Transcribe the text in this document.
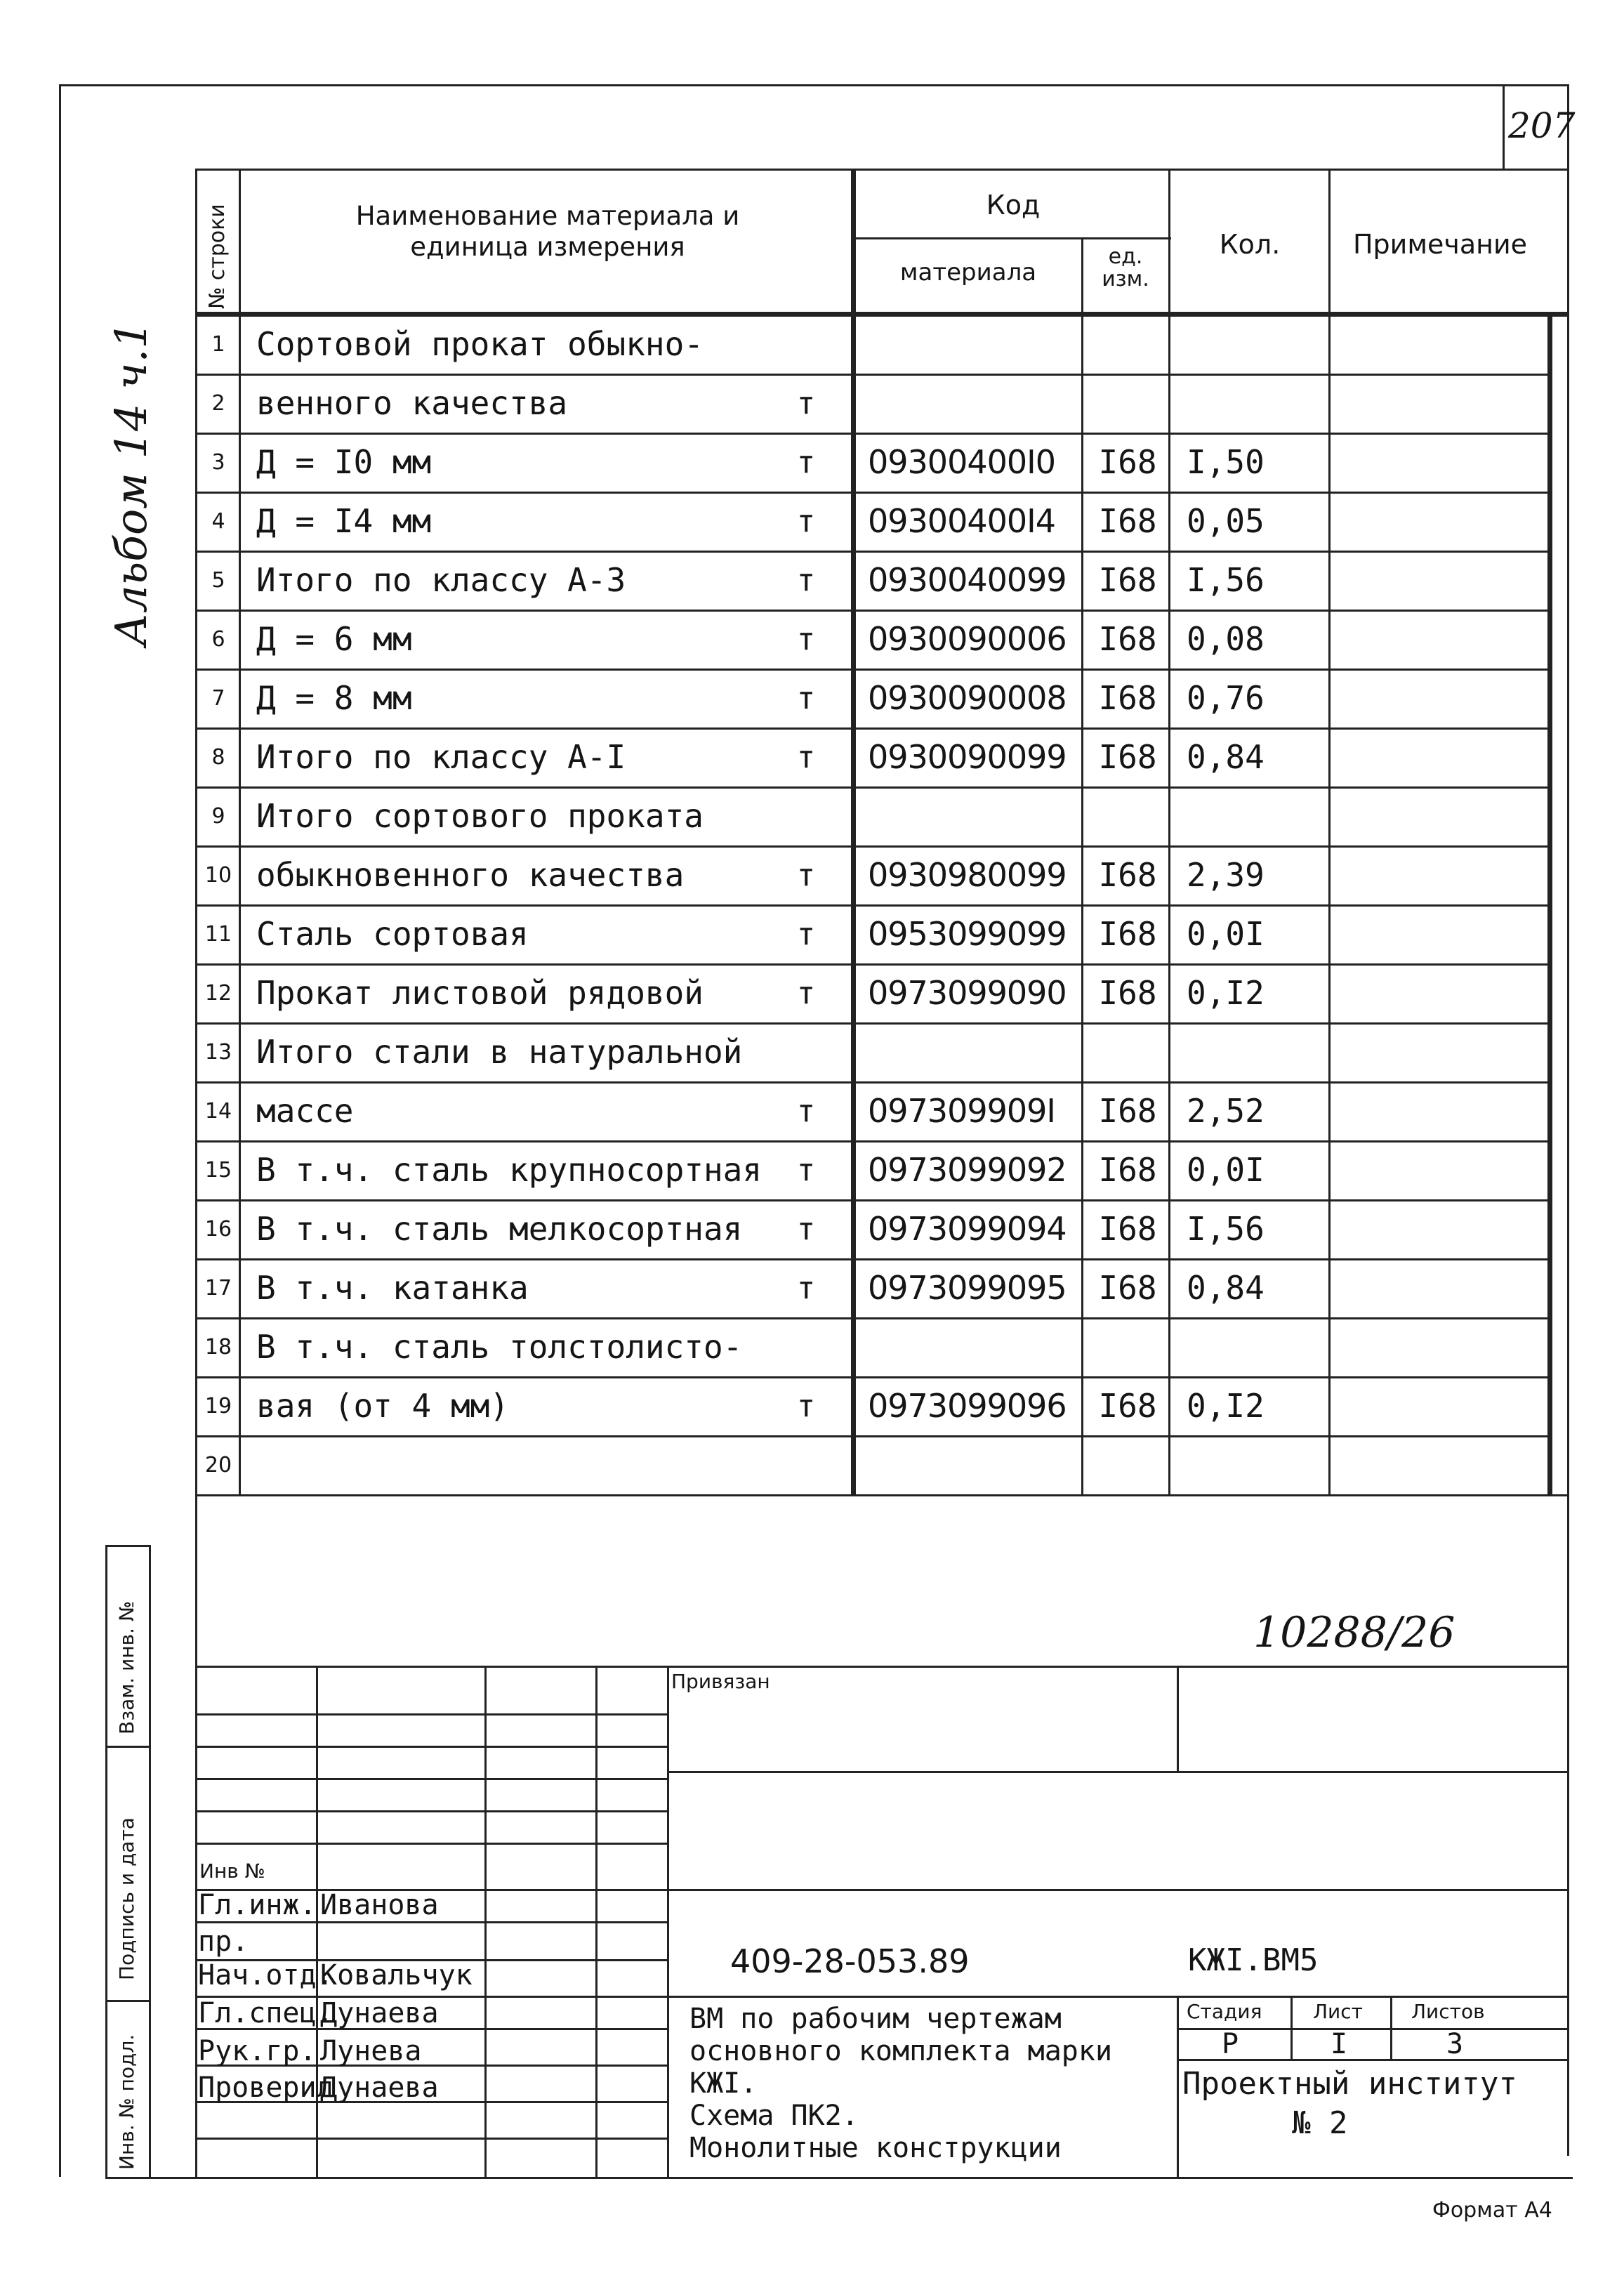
207
Альбом 14 ч.1
№ строки	Наименование материала и единица измерения
Код
материала
ед. изм.
Кол.	Примечание
1 Сортовой прокат обыкно-
2 венного качества	т
3 Д = I0 мм	т	09300400I0	I68 I,50
4 Д = I4 мм	т	09300400I4	I68 0,05
5 Итого по классу А-3	т	0930040099 I68 I,56
6 Д = 6 мм	т	0930090006 I68 0,08
7 Д = 8 мм	т	0930090008 I68 0,76
8 Итого по классу А-I	т	0930090099 I68 0,84
9 Итого сортового проката
10 обыкновенного качества	т	0930980099 I68 2,39
11 Сталь сортовая	т	0953099099 I68 0,0I
12 Прокат листовой рядовой	т	0973099090 I68 0,I2
13 Итого стали в натуральной
14 массе	т	097309909I	I68 2,52
15 В т.ч. сталь крупносортная	т	0973099092 I68 0,0I
16 В т.ч. сталь мелкосортная	т	0973099094 I68 I,56
17 В т.ч. катанка	т	0973099095 I68 0,84
18 В т.ч. сталь толстолисто-
19 вая (от 4 мм)	т	0973099096 I68 0,I2
20
10288/26
Взам. инв. №
Подпись и дата
Инв. № подл.
Привязан
Инв №
Гл.инж. Иванова
пр.
Нач.отд.
Ковальчук
Гл.спец.
Дунаева
Рук.гр. Лунева
Проверил
Дунаева
409-28-053.89	КЖI.ВМ5
ВМ по рабочим чертежам
основного комплекта марки
КЖI.
Схема ПК2.
Монолитные конструкции
Стадия	Лист Листов
Р	I	3
Проектный институт
№ 2
Формат А4
